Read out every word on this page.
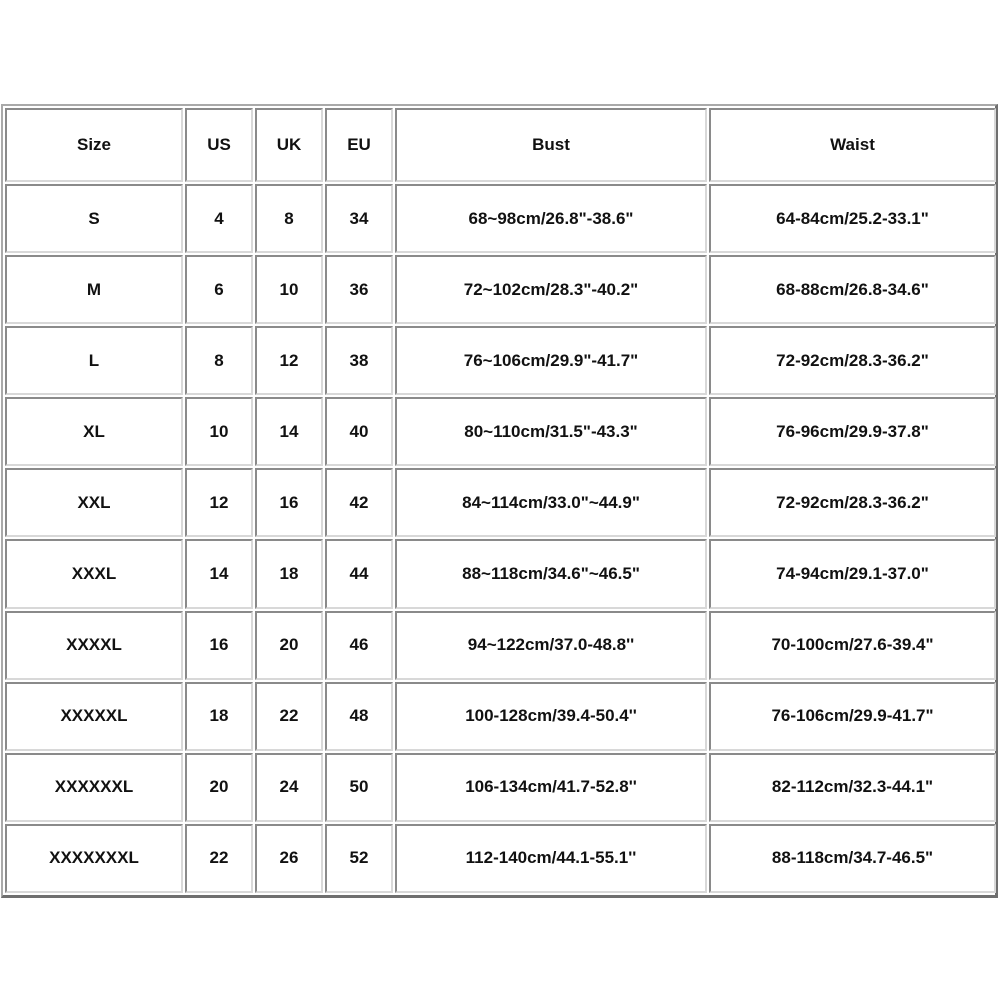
Size	US	UK	EU	Bust	Waist
S	4	8	34	68~98cm/26.8"-38.6"	64-84cm/25.2-33.1"
M	6	10	36	72~102cm/28.3"-40.2"	68-88cm/26.8-34.6"
L	8	12	38	76~106cm/29.9"-41.7"	72-92cm/28.3-36.2"
XL	10	14	40	80~110cm/31.5"-43.3"	76-96cm/29.9-37.8"
XXL	12	16	42	84~114cm/33.0"~44.9"	72-92cm/28.3-36.2"
XXXL	14	18	44	88~118cm/34.6"~46.5"	74-94cm/29.1-37.0"
XXXXL	16	20	46	94~122cm/37.0-48.8''	70-100cm/27.6-39.4"
XXXXXL	18	22	48	100-128cm/39.4-50.4''	76-106cm/29.9-41.7"
XXXXXXL	20	24	50	106-134cm/41.7-52.8''	82-112cm/32.3-44.1"
XXXXXXXL	22	26	52	112-140cm/44.1-55.1''	88-118cm/34.7-46.5"
